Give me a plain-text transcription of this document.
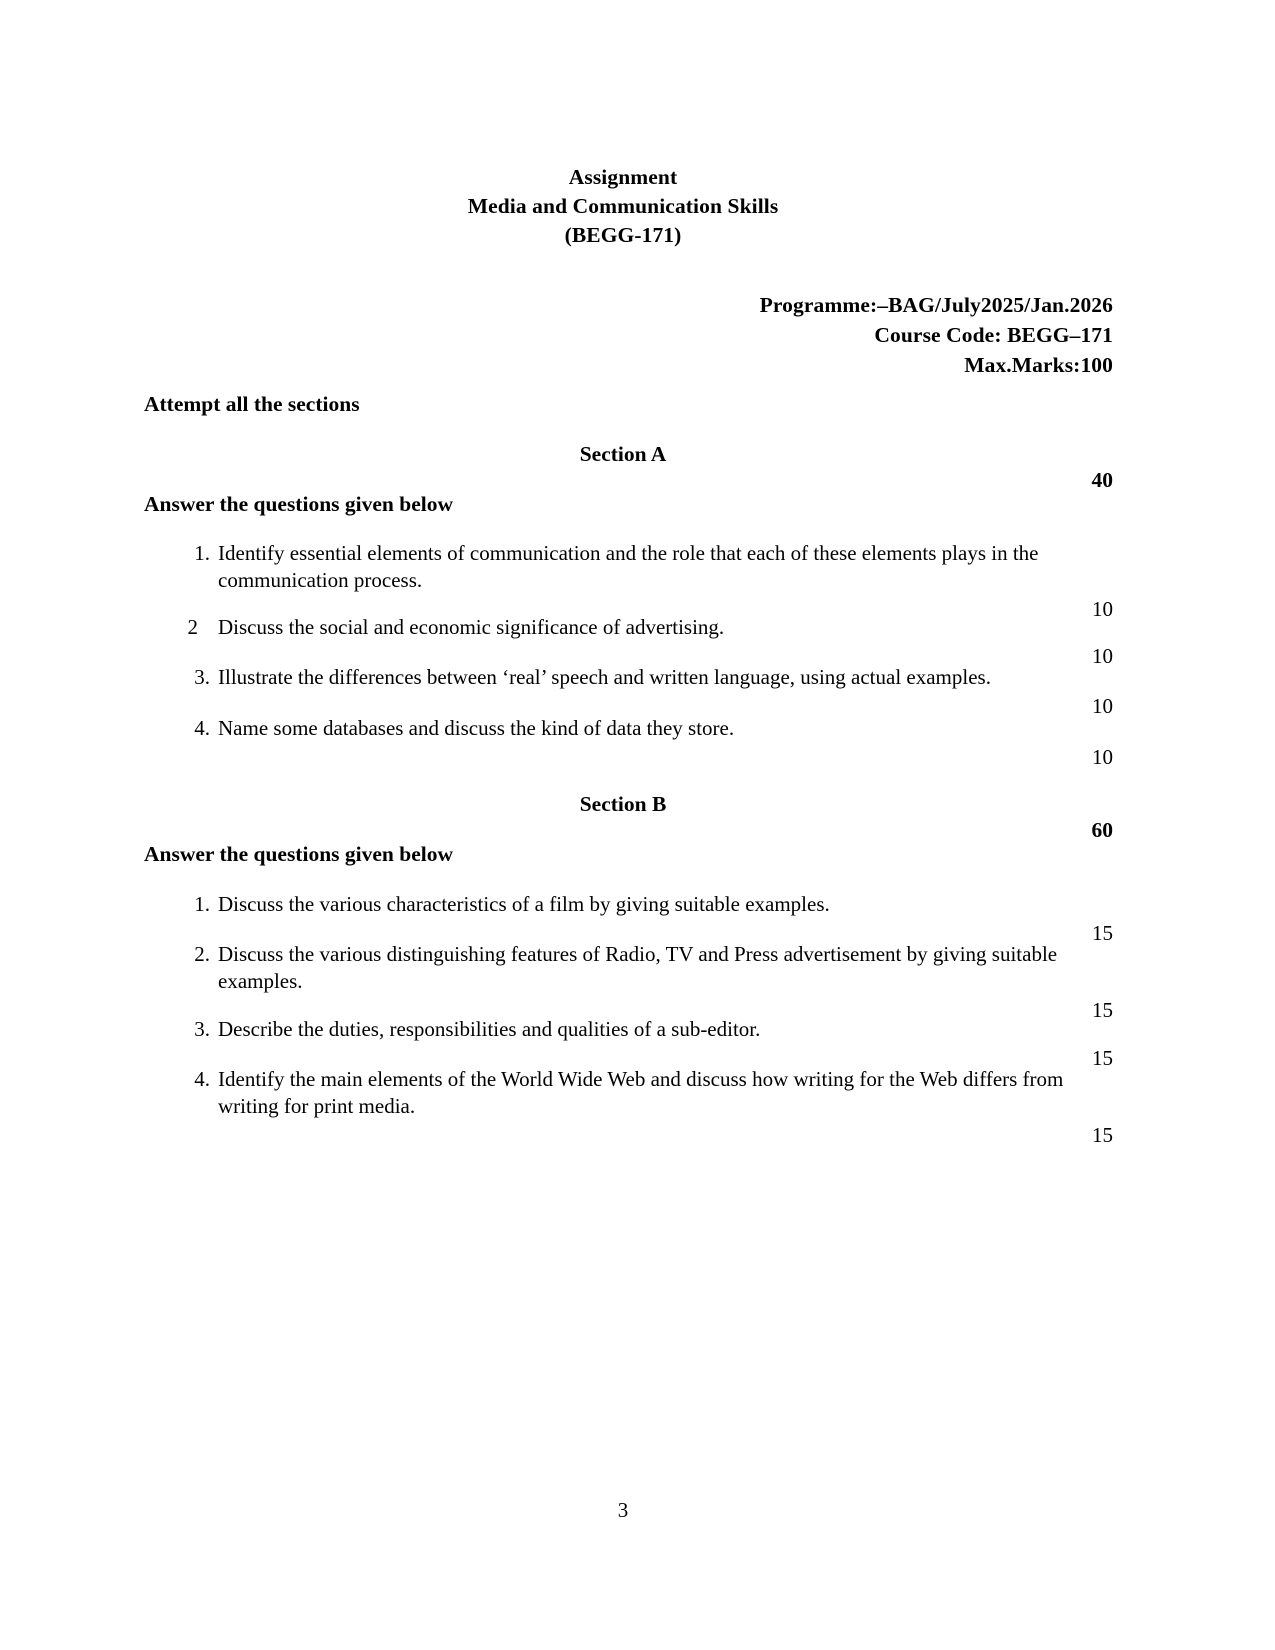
Assignment
Media and Communication Skills
(BEGG-171)
Programme:–BAG/July2025/Jan.2026
Course Code: BEGG–171
Max.Marks:100
Attempt all the sections
Section A
40
Answer the questions given below
1. Identify essential elements of communication and the role that each of these elements plays in the communication process.
10
2 Discuss the social and economic significance of advertising.
10
3. Illustrate the differences between ‘real’ speech and written language, using actual examples.
10
4. Name some databases and discuss the kind of data they store.
10
Section B
60
Answer the questions given below
1. Discuss the various characteristics of a film by giving suitable examples.
15
2. Discuss the various distinguishing features of Radio, TV and Press advertisement by giving suitable examples.
15
3. Describe the duties, responsibilities and qualities of a sub-editor.
15
4. Identify the main elements of the World Wide Web and discuss how writing for the Web differs from writing for print media.
15
3
